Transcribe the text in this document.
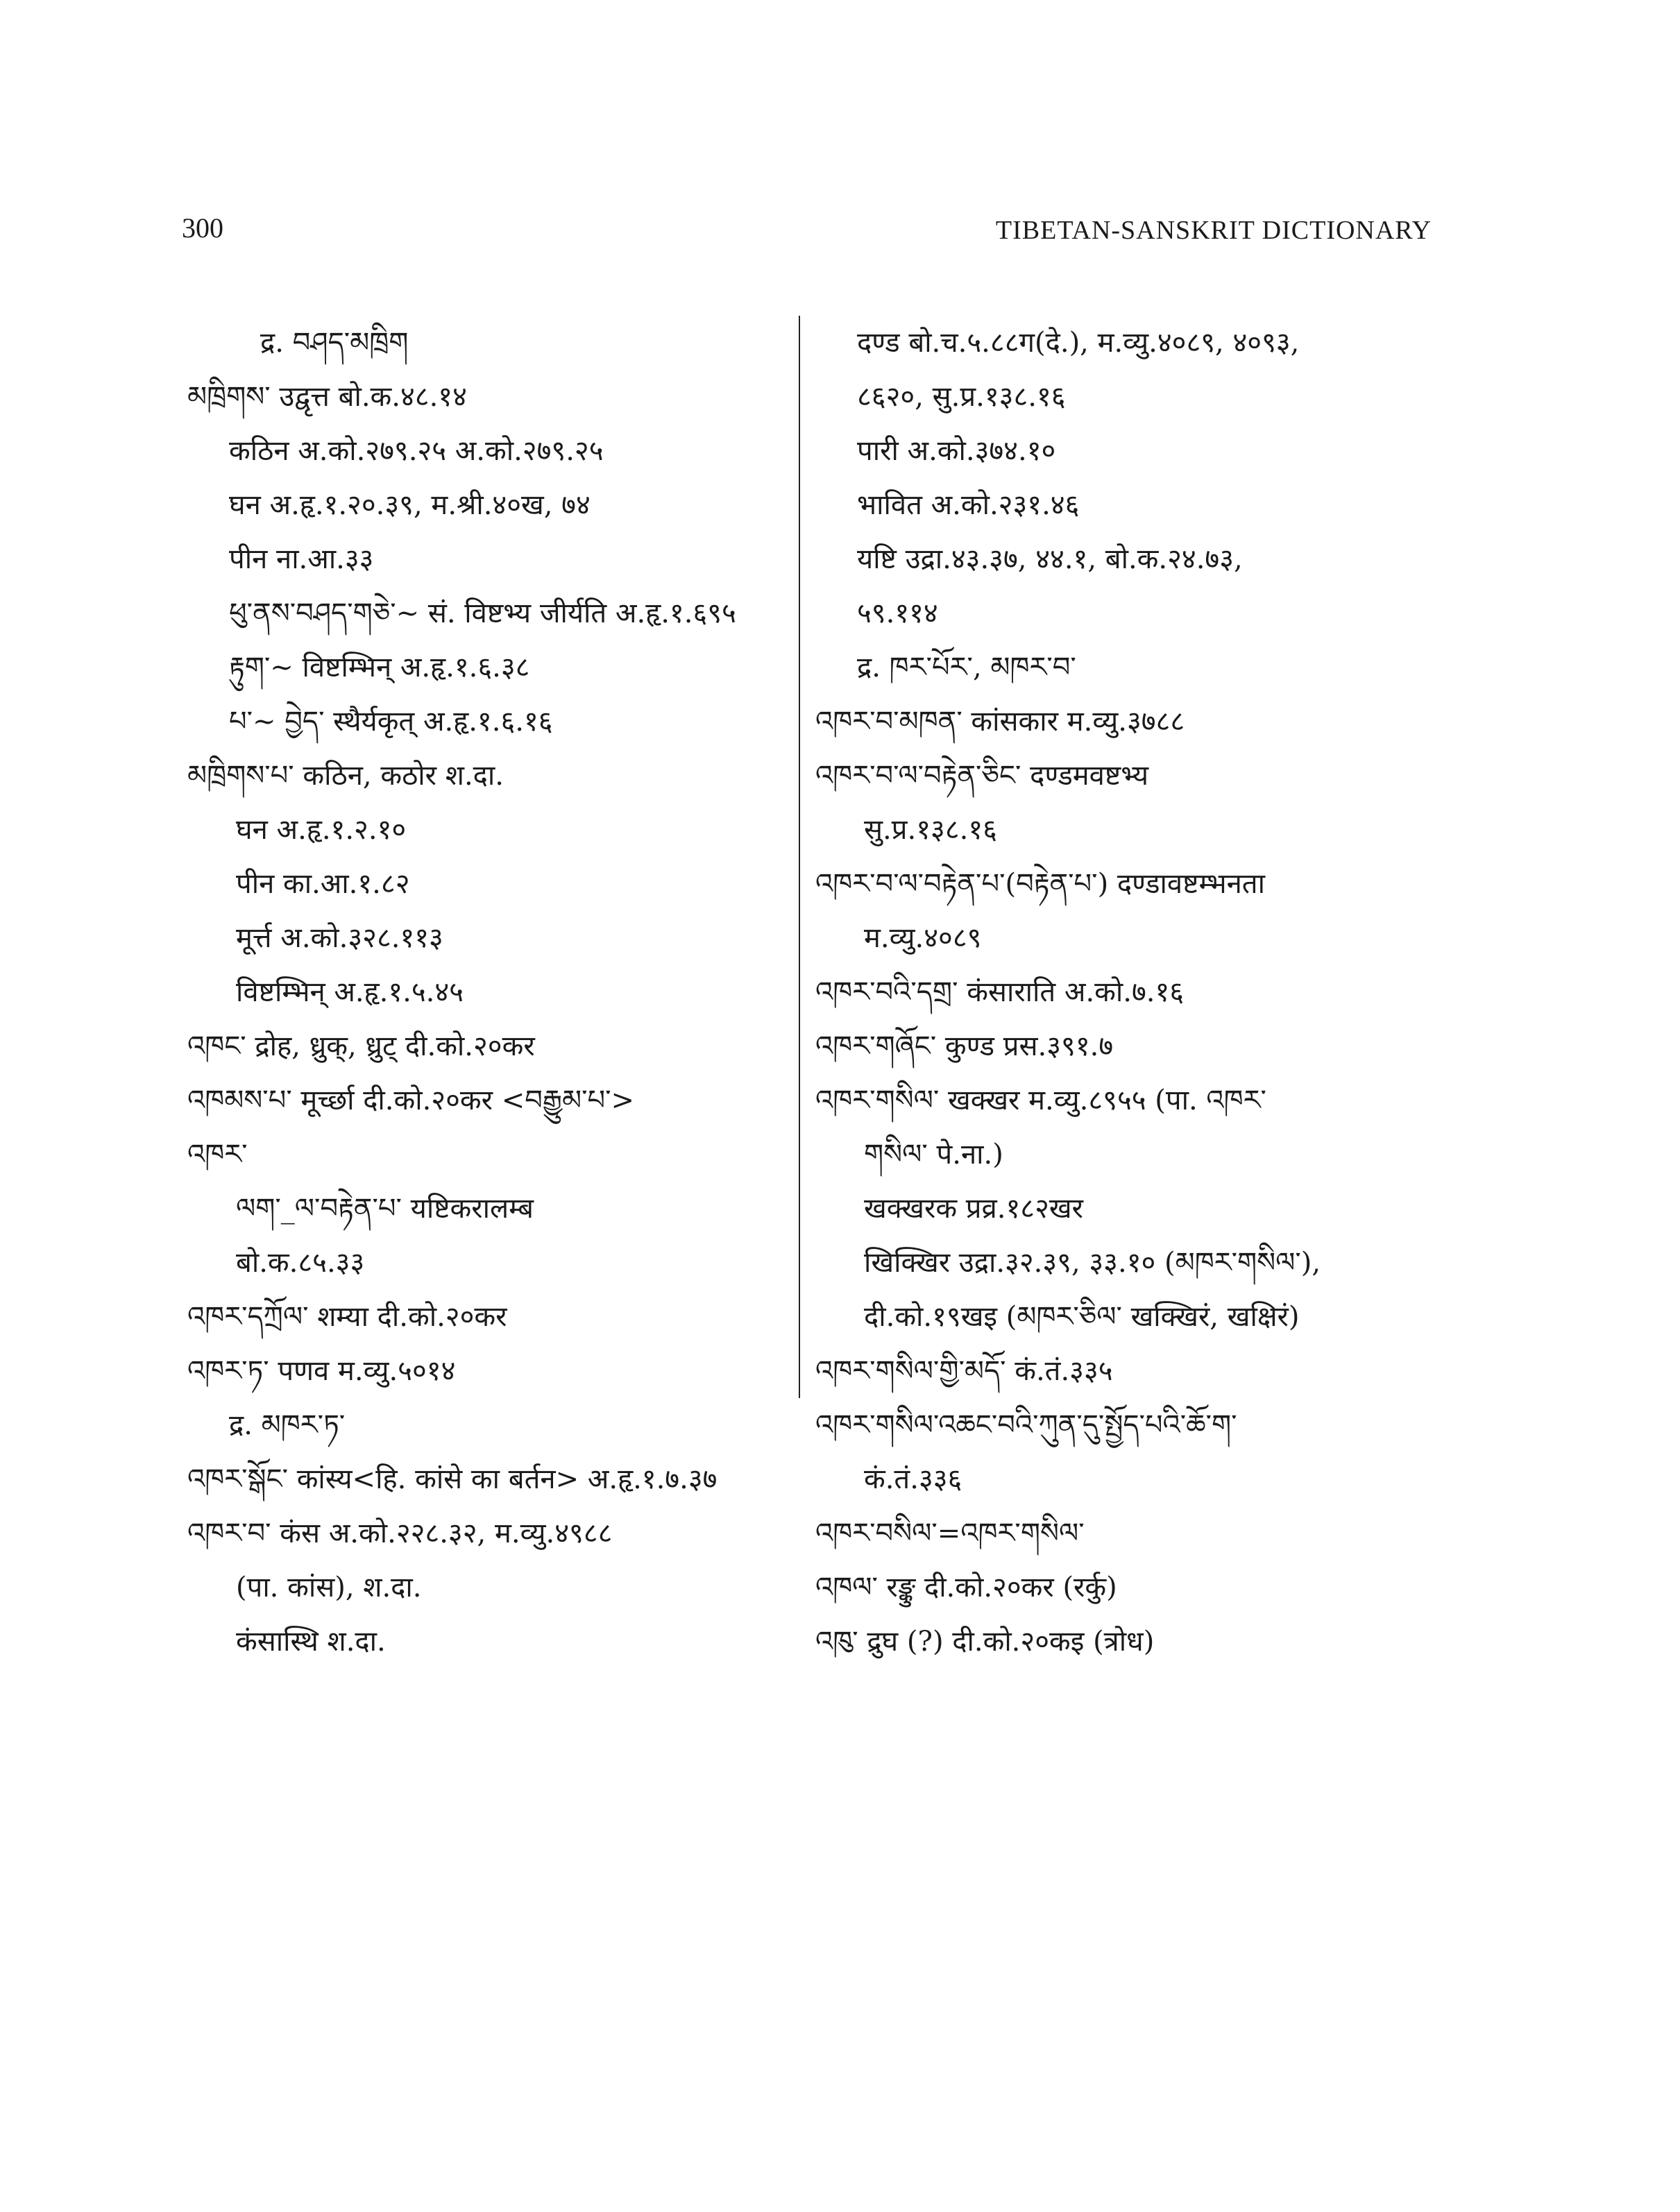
300	TIBETAN-SANSKRIT DICTIONARY
द्र. བཤད་མཁྲིག
མཁྲིགས་ उद्वृत्त बो.क.४८.१४
कठिन अ.को.२७९.२५ अ.को.२७९.२५
घन अ.हृ.१.२०.३९, म.श्री.४०ख, ७४
पीन ना.आ.३३
ཕུ་ནས་བཤད་གཅེ་~ सं. विष्टभ्य जीर्यति अ.हृ.१.६९५
རྟུག་~ विष्टम्भिन् अ.हृ.१.६.३८
པ་~ བྱེད་ स्थैर्यकृत् अ.हृ.१.६.१६
མཁྲིགས་པ་ कठिन, कठोर श.दा.
घन अ.हृ.१.२.१०
पीन का.आ.१.८२
मूर्त्त अ.को.३२८.११३
विष्टम्भिन् अ.हृ.१.५.४५
འཁང་ द्रोह, ध्रुक्, ध्रुट् दी.को.२०कर
འཁམས་པ་ मूर्च्छा दी.को.२०कर <བརྒྱུམ་པ་>
འཁར་
ལག་_ལ་བརྟེན་པ་ यष्टिकरालम्ब
बो.क.८५.३३
འཁར་དཀྲོལ་ शम्या दी.को.२०कर
འཁར་ཏ་ पणव म.व्यु.५०१४
द्र. མཁར་ཏ་
འཁར་སྒོང་ कांस्य<हि. कांसे का बर्तन> अ.हृ.१.७.३७
འཁར་བ་ कंस अ.को.२२८.३२, म.व्यु.४९८८
(पा. कांस), श.दा.
कंसास्थि श.दा.
दण्ड बो.च.५.८८ग(दे.), म.व्यु.४०८९, ४०९३,
८६२०, सु.प्र.१३८.१६
पारी अ.को.३७४.१०
भावित अ.को.२३१.४६
यष्टि उद्रा.४३.३७, ४४.१, बो.क.२४.७३,
५९.११४
द्र. ཁར་པོར་, མཁར་བ་
འཁར་བ་མཁན་ कांसकार म.व्यु.३७८८
འཁར་བ་ལ་བརྟེན་ཅིང་ दण्डमवष्टभ्य
सु.प्र.१३८.१६
འཁར་བ་ལ་བརྟེན་པ་(བརྟེན་པ་) दण्डावष्टम्भनता
म.व्यु.४०८९
འཁར་བའི་དགྲ་ कंसाराति अ.को.७.१६
འཁར་གཞོང་ कुण्ड प्रस.३९१.७
འཁར་གསིལ་ खक्खर म.व्यु.८९५५ (पा. འཁར་
གསིལ་ पे.ना.)
खक्खरक प्रव्र.१८२खर
खिक्खिर उद्रा.३२.३९, ३३.१० (མཁར་གསིལ་),
दी.को.१९खइ (མཁར་ཅིལ་ खक्खिरं, खक्षिरं)
འཁར་གསིལ་གྱི་མདོ་ कं.तं.३३५
འཁར་གསིལ་འཆང་བའི་ཀུན་དུ་སྤྱོད་པའི་ཆོ་ག་
कं.तं.३३६
འཁར་བསིལ་=འཁར་གསིལ་
འཁལ་ रङ्कु दी.को.२०कर (रर्कु)
འཁུ་ द्रुघ (?) दी.को.२०कइ (त्रोध)
